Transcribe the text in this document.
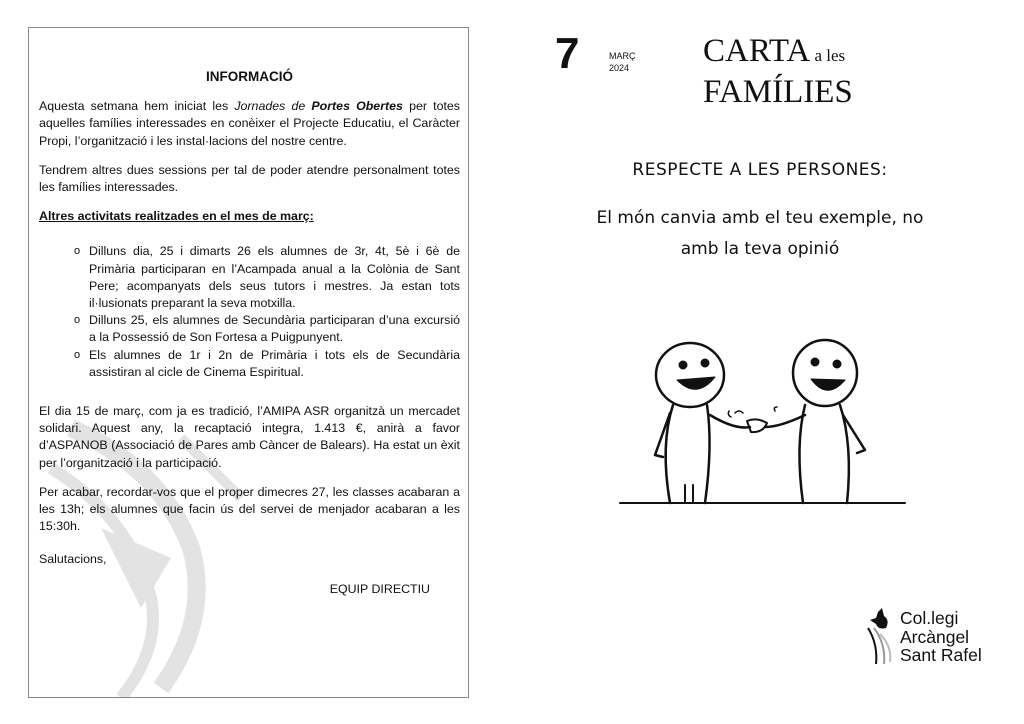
INFORMACIÓ

Aquesta setmana hem iniciat les Jornades de Portes Obertes per totes aquelles famílies interessades en conèixer el Projecte Educatiu, el Caràcter Propi, l’organització i les instal·lacions del nostre centre.

Tendrem altres dues sessions per tal de poder atendre personalment totes les famílies interessades.

Altres activitats realitzades en el mes de març:

o Dilluns dia, 25 i dimarts 26 els alumnes de 3r, 4t, 5è i 6è de Primària participaran en l’Acampada anual a la Colònia de Sant Pere; acompanyats dels seus tutors i mestres. Ja estan tots il·lusionats preparant la seva motxilla.
o Dilluns 25, els alumnes de Secundària participaran d’una excursió a la Possessió de Son Fortesa a Puigpunyent.
o Els alumnes de 1r i 2n de Primària i tots els de Secundària assistiran al cicle de Cinema Espiritual.

El dia 15 de març, com ja es tradició, l’AMIPA ASR organitzà un mercadet solidari. Aquest any, la recaptació integra, 1.413 €, anirà a favor d’ASPANOB (Associació de Pares amb Càncer de Balears). Ha estat un èxit per l’organització i la participació.

Per acabar, recordar-vos que el proper dimecres 27, les classes acabaran a les 13h; els alumnes que facin ús del servei de menjador acabaran a les 15:30h.

Salutacions,

EQUIP DIRECTIU
7	MARÇ
2024 CARTA a les
FAMÍLIES
RESPECTE A LES PERSONES:
El món canvia amb el teu exemple, no
amb la teva opinió
Col.legi
Arcàngel
Sant Rafel
